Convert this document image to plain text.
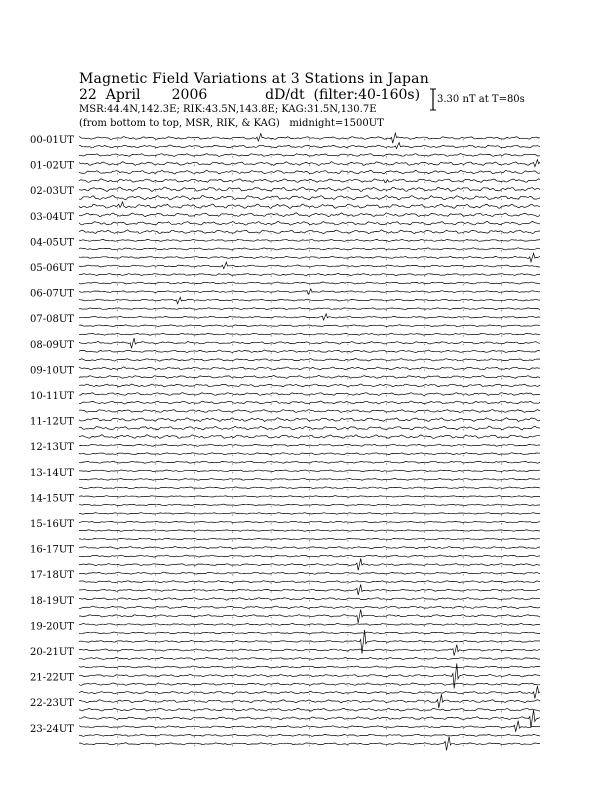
Magnetic Field Variations at 3 Stations in Japan
22 April 2006	dD/dt (filter:40-160s)
MSR:44.4N,142.3E; RIK:43.5N,143.8E; KAG:31.5N,130.7E
(from bottom to top, MSR, RIK, & KAG) midnight=1500UT
3.30 nT at T=80s
00-01UT
01-02UT
02-03UT
03-04UT
04-05UT
05-06UT
06-07UT
07-08UT
08-09UT
09-10UT
10-11UT
11-12UT
12-13UT
13-14UT
14-15UT
15-16UT
16-17UT
17-18UT
18-19UT
19-20UT
20-21UT
21-22UT
22-23UT
23-24UT
